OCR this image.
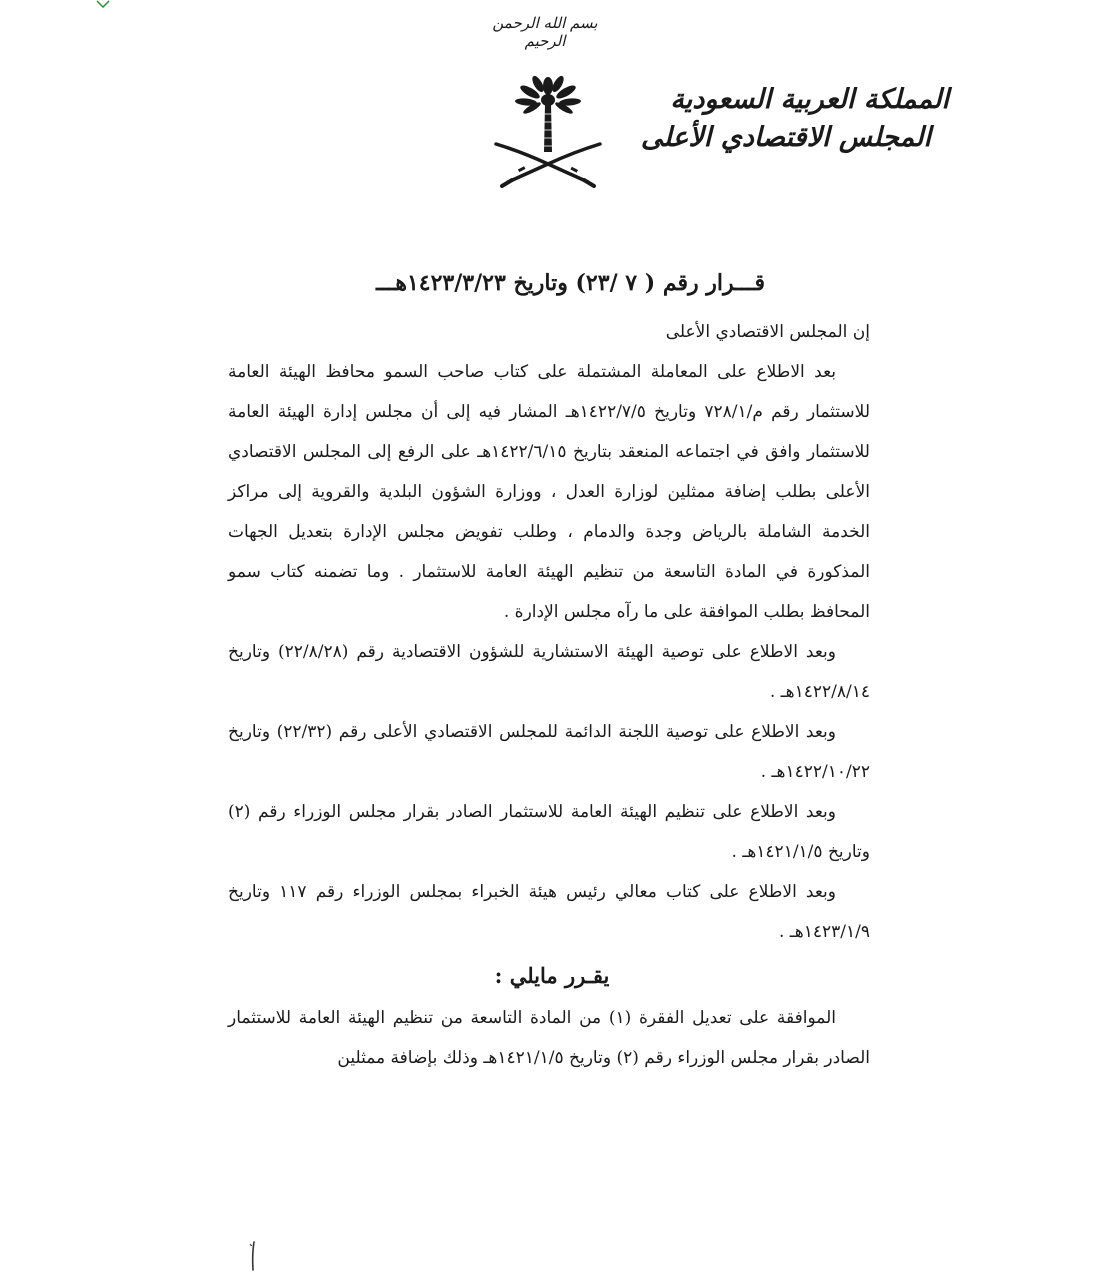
بسم الله الرحمن الرحيم
المملكة العربية السعودية
المجلس الاقتصادي الأعلى
قـــرار رقم ( ٧ /٢٣) وتاريخ ١٤٢٣/٣/٢٣هـــ

إن المجلس الاقتصادي الأعلى

بعد الاطلاع على المعاملة المشتملة على كتاب صاحب السمو محافظ الهيئة العامة للاستثمار رقم م/٧٢٨/١ وتاريخ ١٤٢٢/٧/٥هـ المشار فيه إلى أن مجلس إدارة الهيئة العامة للاستثمار وافق في اجتماعه المنعقد بتاريخ ١٤٢٢/٦/١٥هـ على الرفع إلى المجلس الاقتصادي الأعلى بطلب إضافة ممثلين لوزارة العدل ، ووزارة الشؤون البلدية والقروية إلى مراكز الخدمة الشاملة بالرياض وجدة والدمام ، وطلب تفويض مجلس الإدارة بتعديل الجهات المذكورة في المادة التاسعة من تنظيم الهيئة العامة للاستثمار . وما تضمنه كتاب سمو المحافظ بطلب الموافقة على ما رآه مجلس الإدارة .

وبعد الاطلاع على توصية الهيئة الاستشارية للشؤون الاقتصادية رقم (٢٢/٨/٢٨) وتاريخ ١٤٢٢/٨/١٤هـ .

وبعد الاطلاع على توصية اللجنة الدائمة للمجلس الاقتصادي الأعلى رقم (٢٢/٣٢) وتاريخ ١٤٢٢/١٠/٢٢هـ .

وبعد الاطلاع على تنظيم الهيئة العامة للاستثمار الصادر بقرار مجلس الوزراء رقم (٢) وتاريخ ١٤٢١/١/٥هـ .

وبعد الاطلاع على كتاب معالي رئيس هيئة الخبراء بمجلس الوزراء رقم ١١٧ وتاريخ ١٤٢٣/١/٩هـ .

يقـرر مايلي :

الموافقة على تعديل الفقرة (١) من المادة التاسعة من تنظيم الهيئة العامة للاستثمار الصادر بقرار مجلس الوزراء رقم (٢) وتاريخ ١٤٢١/١/٥هـ وذلك بإضافة ممثلين
